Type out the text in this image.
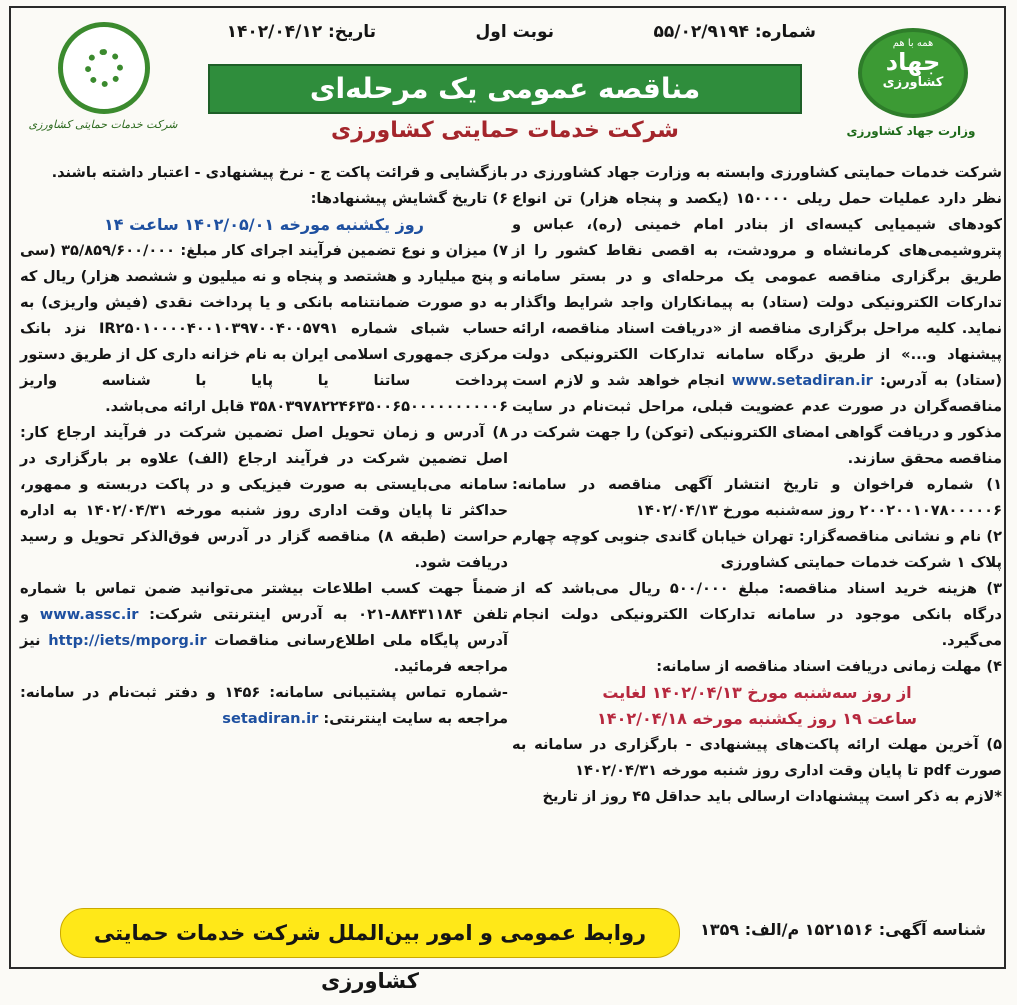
شماره: ۵۵/۰۲/۹۱۹۴
نوبت اول
تاریخ: ۱۴۰۲/۰۴/۱۲
شرکت خدمات حمایتی کشاورزی
همه با هم
جهاد
کشاورزی
وزارت جهاد کشاورزی
مناقصه عمومی یک مرحله‌ای
شرکت خدمات حمایتی کشاورزی

شرکت خدمات حمایتی کشاورزی وابسته به وزارت جهاد کشاورزی در نظر دارد عملیات حمل ریلی ۱۵۰۰۰۰ (یکصد و پنجاه هزار) تن انواع کودهای شیمیایی کیسه‌ای از بنادر امام خمینی (ره)، عباس و پتروشیمی‌های کرمانشاه و مرودشت، به اقصی نقاط کشور را از طریق برگزاری مناقصه عمومی یک مرحله‌ای و در بستر سامانه تدارکات الکترونیکی دولت (ستاد) به پیمانکاران واجد شرایط واگذار نماید. کلیه مراحل برگزاری مناقصه از «دریافت اسناد مناقصه، ارائه پیشنهاد و...» از طریق درگاه سامانه تدارکات الکترونیکی دولت (ستاد) به آدرس: www.setadiran.ir انجام خواهد شد و لازم است مناقصه‌گران در صورت عدم عضویت قبلی، مراحل ثبت‌نام در سایت مذکور و دریافت گواهی امضای الکترونیکی (توکن) را جهت شرکت در مناقصه محقق سازند.

۱) شماره فراخوان و تاریخ انتشار آگهی مناقصه در سامانه: ۲۰۰۲۰۰۱۰۷۸۰۰۰۰۰۶ روز سه‌شنبه مورخ ۱۴۰۲/۰۴/۱۳

۲) نام و نشانی مناقصه‌گزار: تهران خیابان گاندی جنوبی کوچه چهارم پلاک ۱ شرکت خدمات حمایتی کشاورزی

۳) هزینه خرید اسناد مناقصه: مبلغ ۵۰۰/۰۰۰ ریال می‌باشد که از درگاه بانکی موجود در سامانه تدارکات الکترونیکی دولت انجام می‌گیرد.

۴) مهلت زمانی دریافت اسناد مناقصه از سامانه:

از روز سه‌شنبه مورخ ۱۴۰۲/۰۴/۱۳ لغایت

ساعت ۱۹ روز یکشنبه مورخه ۱۴۰۲/۰۴/۱۸

۵) آخرین مهلت ارائه پاکت‌های پیشنهادی - بارگزاری در سامانه به صورت pdf تا پایان وقت اداری روز شنبه مورخه ۱۴۰۲/۰۴/۳۱

*لازم به ذکر است پیشنهادات ارسالی باید حداقل ۴۵ روز از تاریخ

بازگشایی و قرائت پاکت ج - نرخ پیشنهادی - اعتبار داشته باشند.

۶) تاریخ گشایش پیشنهادها:

روز یکشنبه مورخه ۱۴۰۲/۰۵/۰۱ ساعت ۱۴

۷) میزان و نوع تضمین فرآیند اجرای کار مبلغ: ۳۵/۸۵۹/۶۰۰/۰۰۰ (سی و پنج میلیارد و هشتصد و پنجاه و نه میلیون و ششصد هزار) ریال که به دو صورت ضمانتنامه بانکی و یا پرداخت نقدی (فیش واریزی) به حساب شبای شماره IR۲۵۰۱۰۰۰۰۴۰۰۱۰۳۹۷۰۰۴۰۰۵۷۹۱ نزد بانک مرکزی جمهوری اسلامی ایران به نام خزانه داری کل از طریق دستور پرداخت ساتنا یا پایا با شناسه واریز ۳۵۸۰۳۹۷۸۲۲۴۶۳۵۰۰۶۵۰۰۰۰۰۰۰۰۰۰۶ قابل ارائه می‌باشد.

۸) آدرس و زمان تحویل اصل تضمین شرکت در فرآیند ارجاع کار: اصل تضمین شرکت در فرآیند ارجاع (الف) علاوه بر بارگزاری در سامانه می‌بایستی به صورت فیزیکی و در پاکت دربسته و ممهور، حداکثر تا پایان وقت اداری روز شنبه مورخه ۱۴۰۲/۰۴/۳۱ به اداره حراست (طبقه ۸) مناقصه گزار در آدرس فوق‌الذکر تحویل و رسید دریافت شود.

ضمناً جهت کسب اطلاعات بیشتر می‌توانید ضمن تماس با شماره تلفن ۸۸۴۳۱۱۸۴-۰۲۱ به آدرس اینترنتی شرکت: www.assc.ir و آدرس پایگاه ملی اطلاع‌رسانی مناقصات http://iets/mporg.ir نیز مراجعه فرمائید.

-شماره تماس پشتیبانی سامانه: ۱۴۵۶ و دفتر ثبت‌نام در سامانه: مراجعه به سایت اینترنتی: setadiran.ir

روابط عمومی و امور بین‌الملل شرکت خدمات حمایتی کشاورزی
شناسه آگهی: ۱۵۲۱۵۱۶ م/الف: ۱۳۵۹
